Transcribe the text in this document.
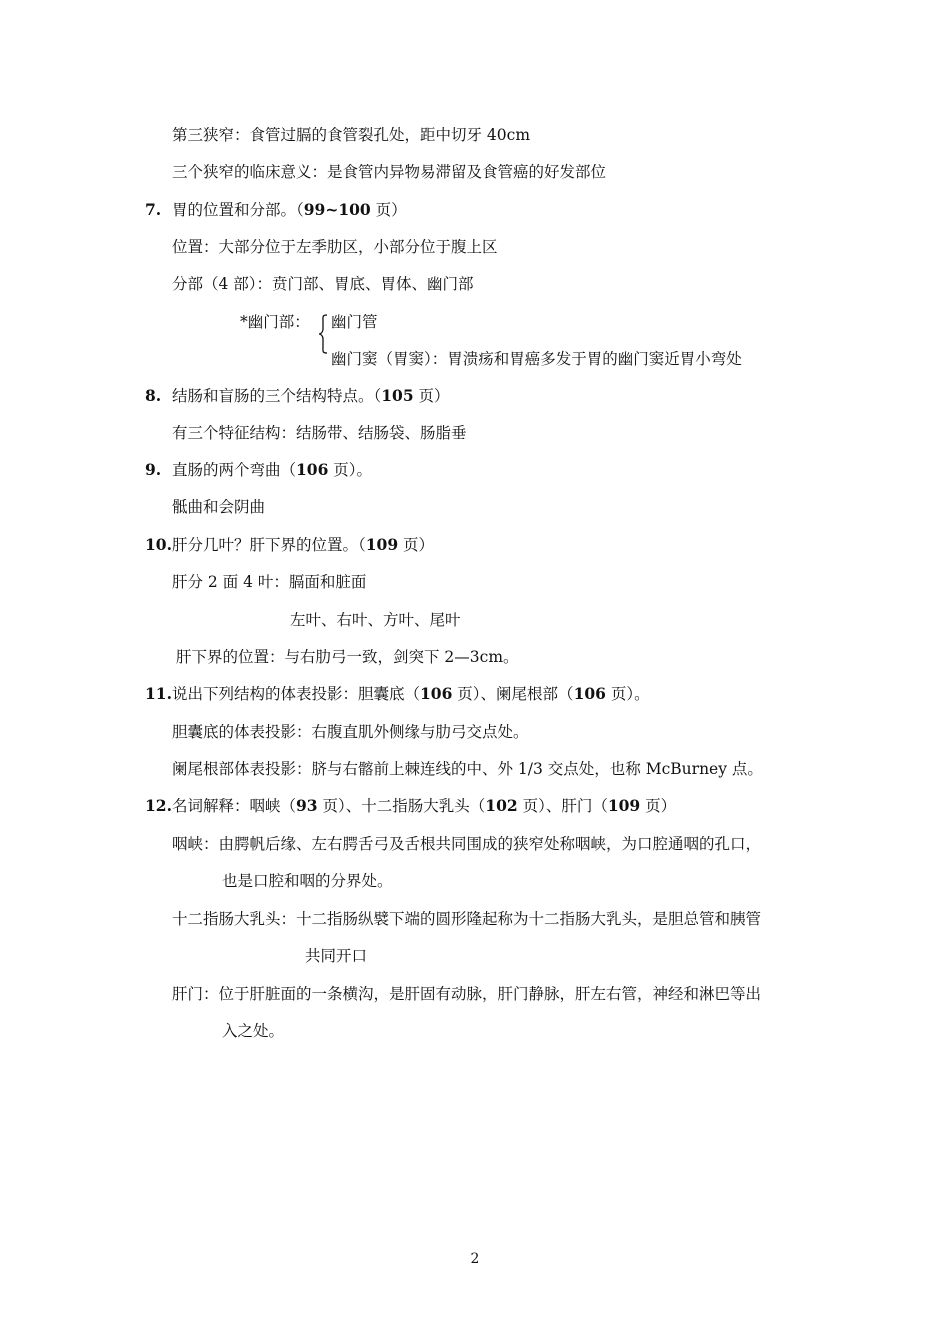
第三狭窄：食管过膈的食管裂孔处，距中切牙 40cm
三个狭窄的临床意义：是食管内异物易滞留及食管癌的好发部位
7. 胃的位置和分部。（99~100 页）
位置：大部分位于左季肋区，小部分位于腹上区
分部（4 部）：贲门部、胃底、胃体、幽门部
*幽门部： 幽门管
幽门窦（胃窦）：胃溃疡和胃癌多发于胃的幽门窦近胃小弯处
8. 结肠和盲肠的三个结构特点。（105 页）
有三个特征结构：结肠带、结肠袋、肠脂垂
9. 直肠的两个弯曲（106 页）。
骶曲和会阴曲
10. 肝分几叶？肝下界的位置。（109 页）
肝分 2 面 4 叶：膈面和脏面
左叶、右叶、方叶、尾叶
肝下界的位置：与右肋弓一致，剑突下 2—3cm。
11. 说出下列结构的体表投影：胆囊底（106 页）、阑尾根部（106 页）。
胆囊底的体表投影：右腹直肌外侧缘与肋弓交点处。
阑尾根部体表投影：脐与右髂前上棘连线的中、外 1/3 交点处，也称 McBurney 点。
12. 名词解释：咽峡（93 页）、十二指肠大乳头（102 页）、肝门（109 页）
咽峡：由腭帆后缘、左右腭舌弓及舌根共同围成的狭窄处称咽峡，为口腔通咽的孔口，
也是口腔和咽的分界处。
十二指肠大乳头：十二指肠纵襞下端的圆形隆起称为十二指肠大乳头，是胆总管和胰管
共同开口
肝门：位于肝脏面的一条横沟，是肝固有动脉，肝门静脉，肝左右管，神经和淋巴等出
入之处。
2
